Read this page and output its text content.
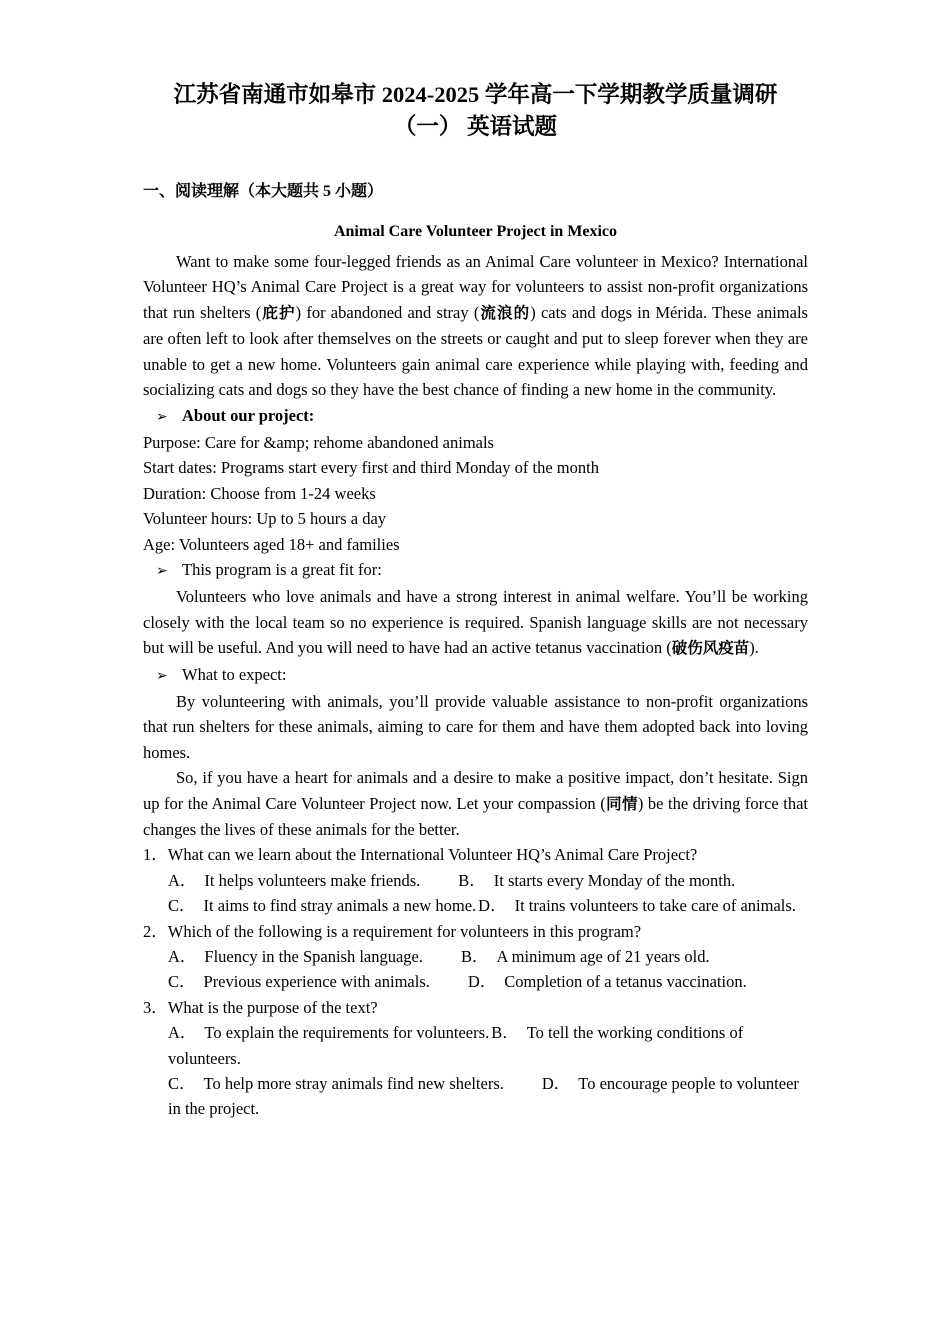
江苏省南通市如皋市 2024-2025 学年高一下学期教学质量调研（一） 英语试题
一、阅读理解（本大题共 5 小题）
Animal Care Volunteer Project in Mexico

Want to make some four-legged friends as an Animal Care volunteer in Mexico? International Volunteer HQ’s Animal Care Project is a great way for volunteers to assist non-profit organizations that run shelters (庇护) for abandoned and stray (流浪的) cats and dogs in Mérida. These animals are often left to look after themselves on the streets or caught and put to sleep forever when they are unable to get a new home. Volunteers gain animal care experience while playing with, feeding and socializing cats and dogs so they have the best chance of finding a new home in the community.

➢ About our project:
Purpose: Care for &amp; rehome abandoned animals
Start dates: Programs start every first and third Monday of the month
Duration: Choose from 1-24 weeks
Volunteer hours: Up to 5 hours a day
Age: Volunteers aged 18+ and families
➢ This program is a great fit for:

Volunteers who love animals and have a strong interest in animal welfare. You’ll be working closely with the local team so no experience is required. Spanish language skills are not necessary but will be useful. And you will need to have had an active tetanus vaccination (破伤风疫苗).

➢ What to expect:

By volunteering with animals, you’ll provide valuable assistance to non-profit organizations that run shelters for these animals, aiming to care for them and have them adopted back into loving homes.

So, if you have a heart for animals and a desire to make a positive impact, don’t hesitate. Sign up for the Animal Care Volunteer Project now. Let your compassion (同情) be the driving force that changes the lives of these animals for the better.

1． What can we learn about the International Volunteer HQ’s Animal Care Project?
A． It helps volunteers make friends. B． It starts every Monday of the month.
C． It aims to find stray animals a new home. D． It trains volunteers to take care of animals.
2． Which of the following is a requirement for volunteers in this program?
A． Fluency in the Spanish language. B． A minimum age of 21 years old.
C． Previous experience with animals. D． Completion of a tetanus vaccination.
3． What is the purpose of the text?
A． To explain the requirements for volunteers. B． To tell the working conditions of volunteers.
C． To help more stray animals find new shelters. D． To encourage people to volunteer in the project.
